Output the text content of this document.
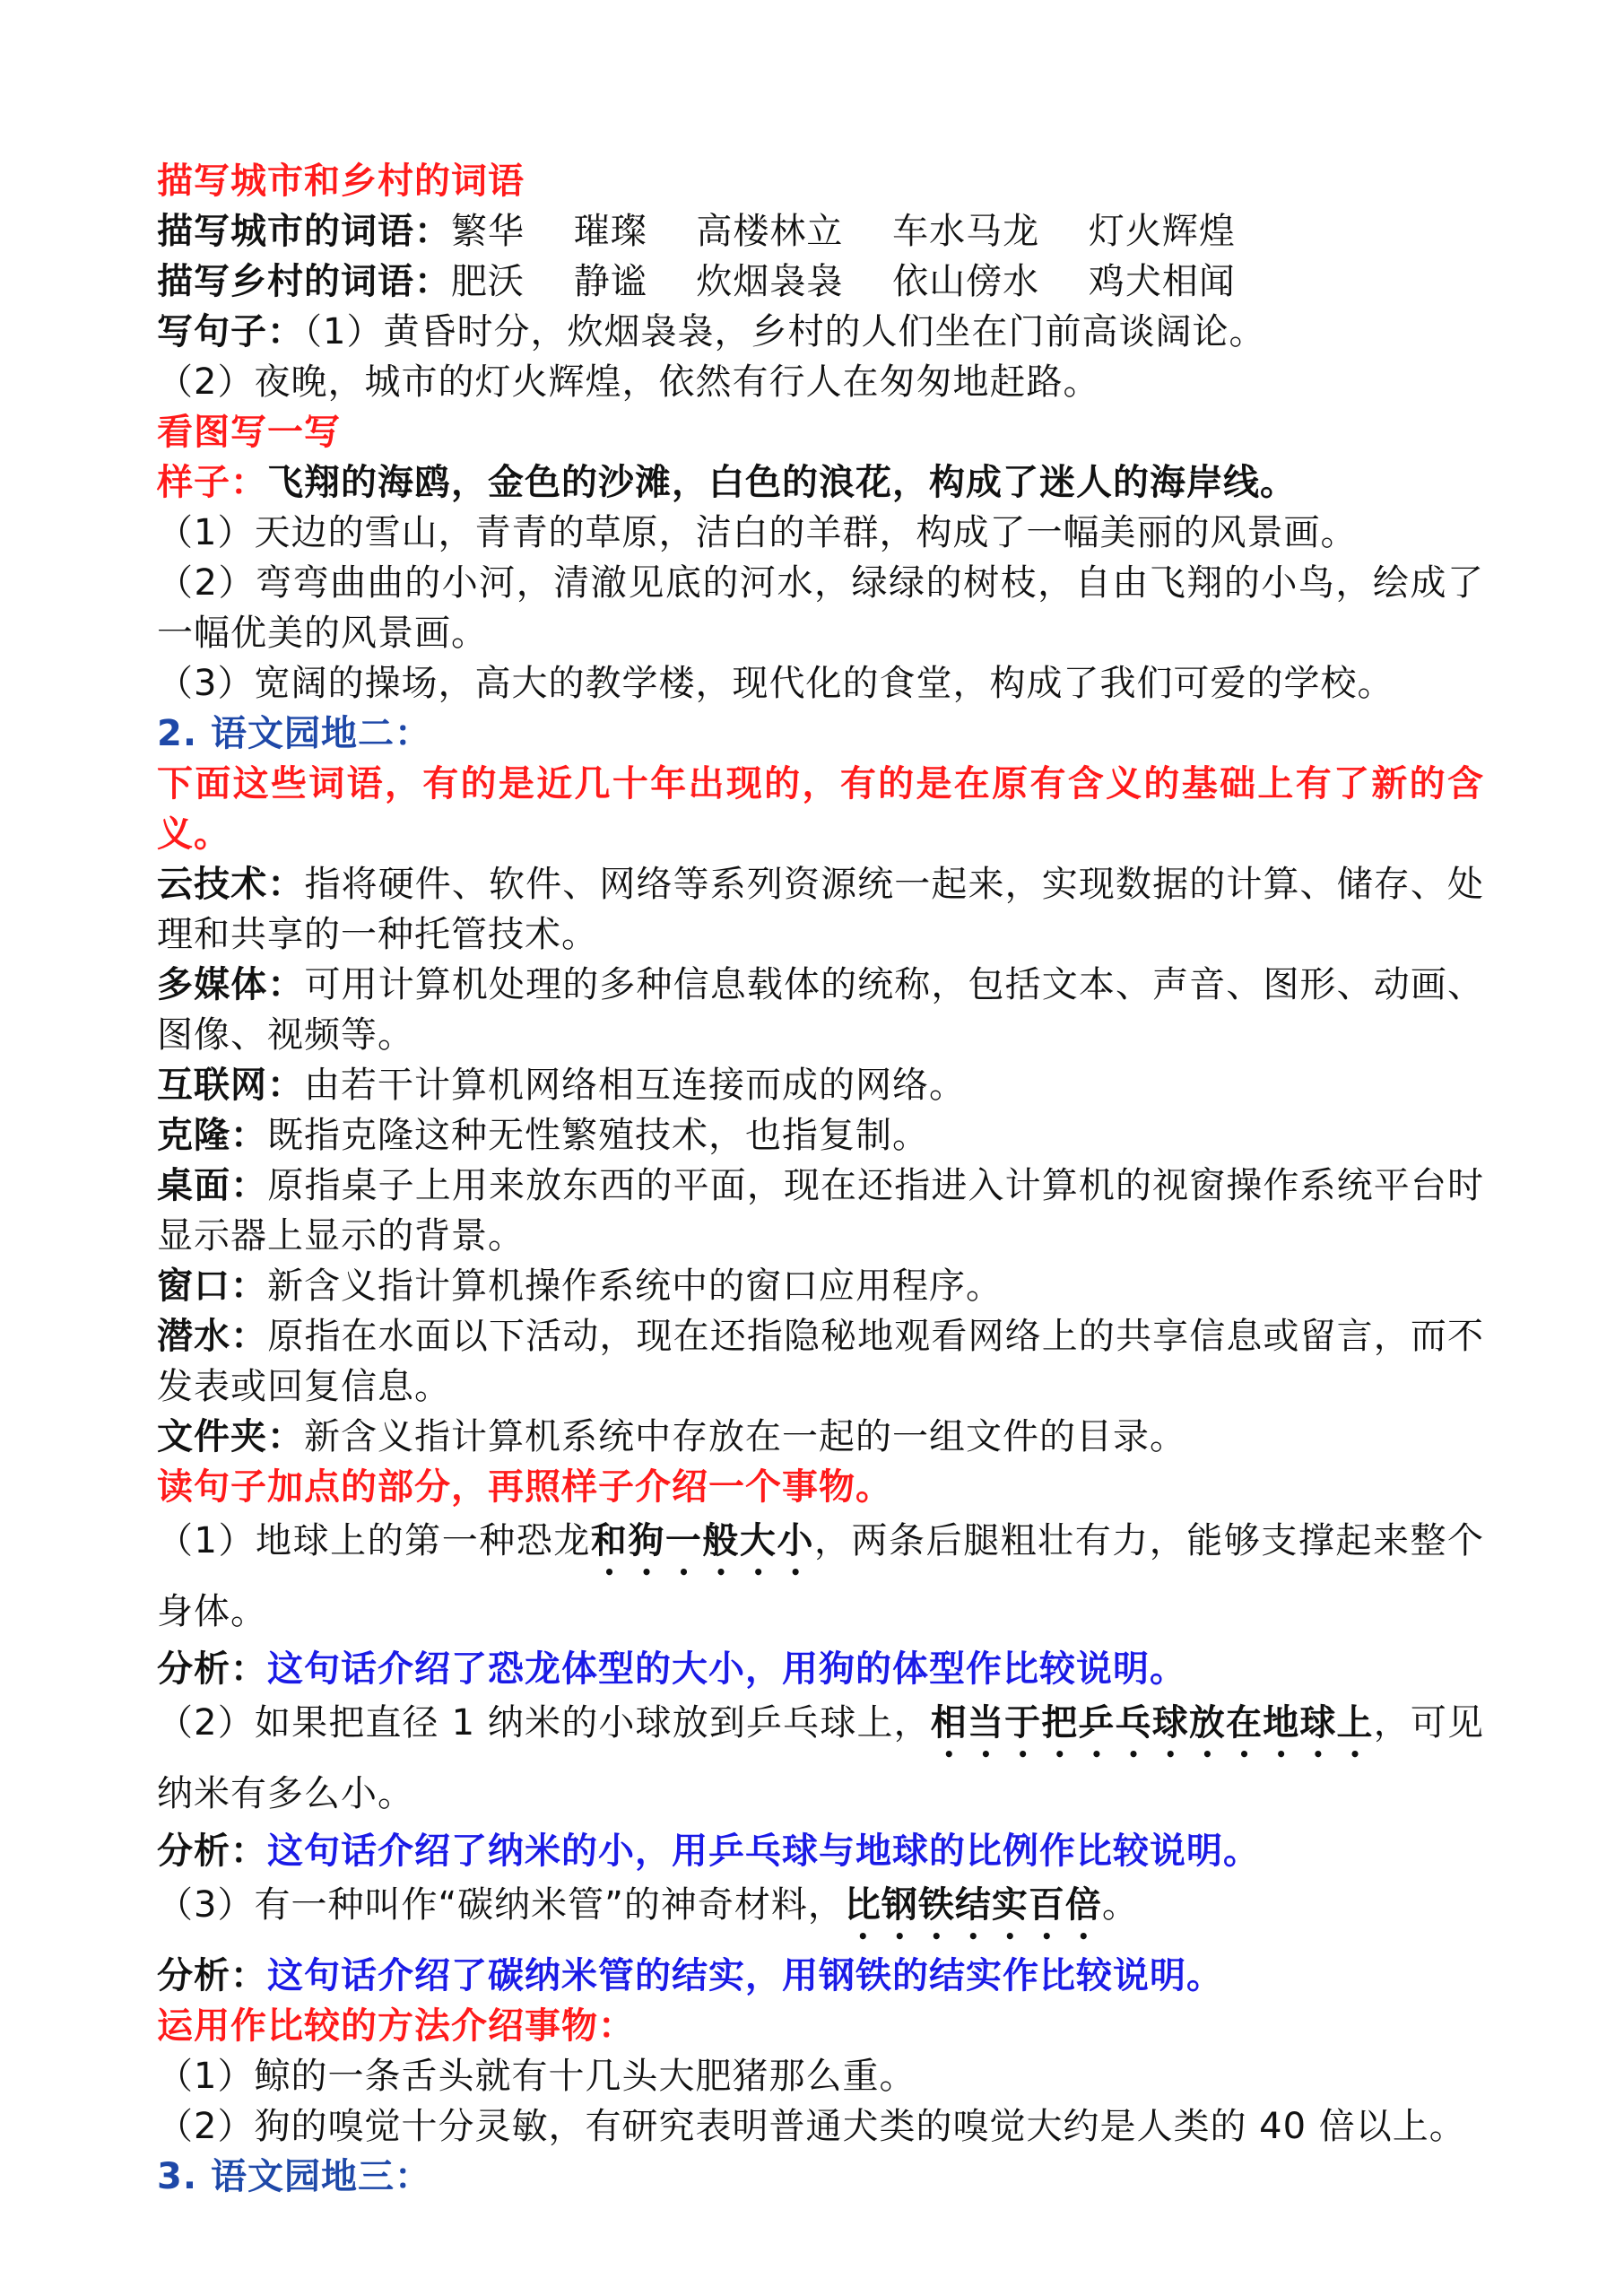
描写城市和乡村的词语

描写城市的词语：繁华　 璀璨　 高楼林立　 车水马龙　 灯火辉煌

描写乡村的词语：肥沃　 静谧　 炊烟袅袅　 依山傍水　 鸡犬相闻

写句子：（1）黄昏时分，炊烟袅袅，乡村的人们坐在门前高谈阔论。

（2）夜晚，城市的灯火辉煌，依然有行人在匆匆地赶路。

看图写一写

样子：飞翔的海鸥，金色的沙滩，白色的浪花，构成了迷人的海岸线。

（1）天边的雪山，青青的草原，洁白的羊群，构成了一幅美丽的风景画。

（2）弯弯曲曲的小河，清澈见底的河水，绿绿的树枝，自由飞翔的小鸟，绘成了一幅优美的风景画。

（3）宽阔的操场，高大的教学楼，现代化的食堂，构成了我们可爱的学校。

2. 语文园地二：

下面这些词语，有的是近几十年出现的，有的是在原有含义的基础上有了新的含义。

云技术：指将硬件、软件、网络等系列资源统一起来，实现数据的计算、储存、处理和共享的一种托管技术。

多媒体：可用计算机处理的多种信息载体的统称，包括文本、声音、图形、动画、图像、视频等。

互联网：由若干计算机网络相互连接而成的网络。

克隆：既指克隆这种无性繁殖技术，也指复制。

桌面：原指桌子上用来放东西的平面，现在还指进入计算机的视窗操作系统平台时显示器上显示的背景。

窗口：新含义指计算机操作系统中的窗口应用程序。

潜水：原指在水面以下活动，现在还指隐秘地观看网络上的共享信息或留言，而不发表或回复信息。

文件夹：新含义指计算机系统中存放在一起的一组文件的目录。

读句子加点的部分，再照样子介绍一个事物。

（1）地球上的第一种恐龙和狗一般大小，两条后腿粗壮有力，能够支撑起来整个身体。

分析：这句话介绍了恐龙体型的大小，用狗的体型作比较说明。

（2）如果把直径 1 纳米的小球放到乒乓球上，相当于把乒乓球放在地球上，可见纳米有多么小。

分析：这句话介绍了纳米的小，用乒乓球与地球的比例作比较说明。

（3）有一种叫作“碳纳米管”的神奇材料，比钢铁结实百倍。

分析：这句话介绍了碳纳米管的结实，用钢铁的结实作比较说明。

运用作比较的方法介绍事物：

（1）鲸的一条舌头就有十几头大肥猪那么重。

（2）狗的嗅觉十分灵敏，有研究表明普通犬类的嗅觉大约是人类的 40 倍以上。

3. 语文园地三：
